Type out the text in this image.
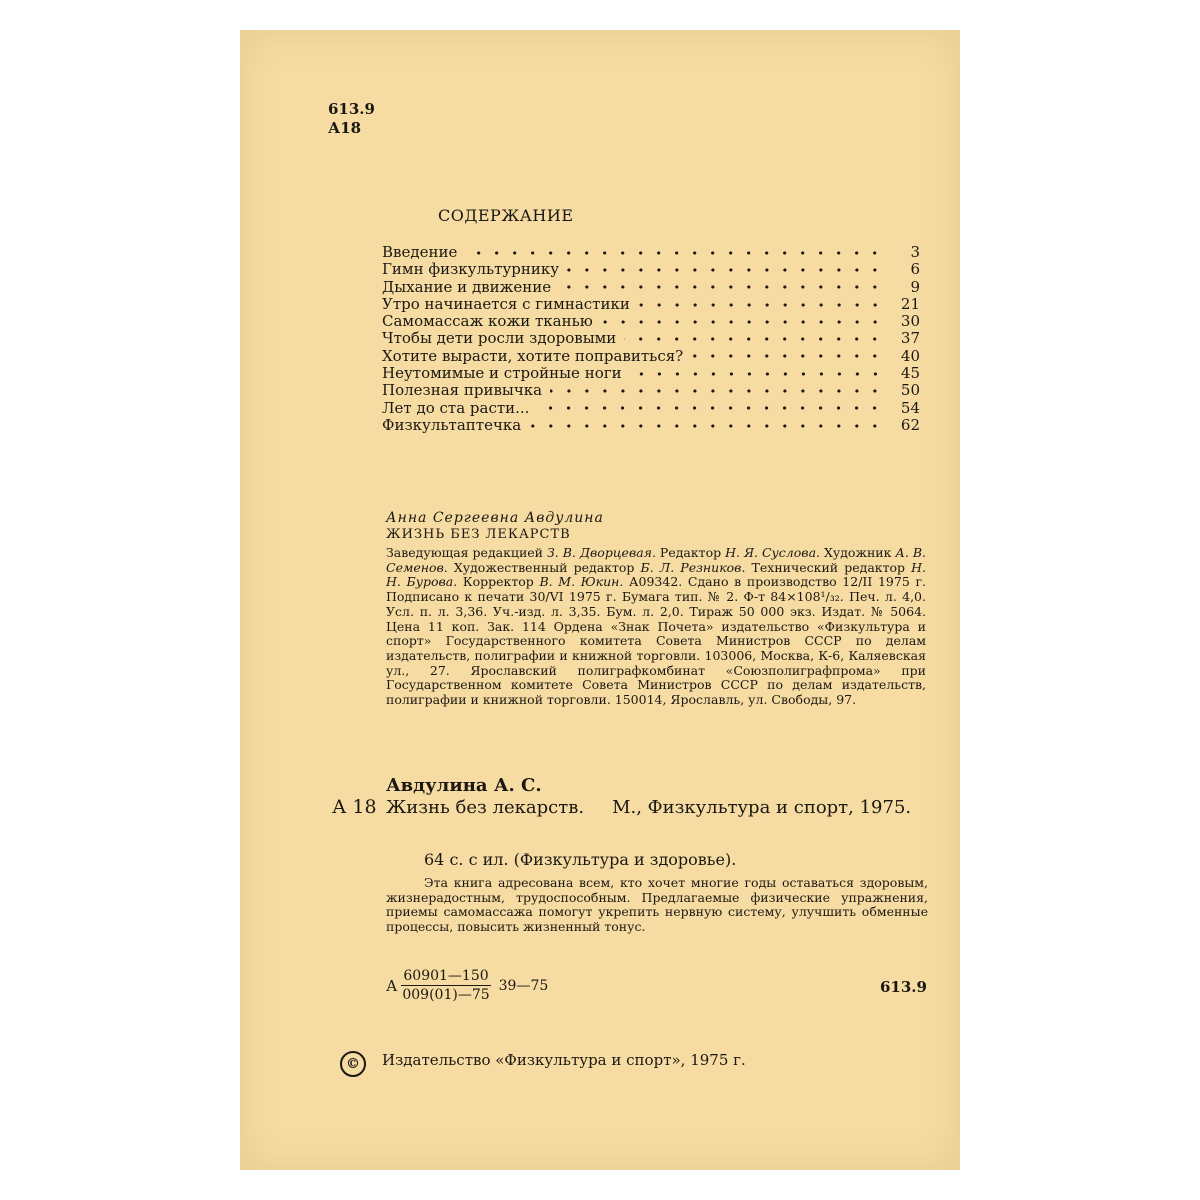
613.9
А18
СОДЕРЖАНИЕ
Введение	3
Гимн физкультурнику	6
Дыхание и движение	9
Утро начинается с гимнастики	21
Самомассаж кожи тканью	30
Чтобы дети росли здоровыми	37
Хотите вырасти, хотите поправиться?	40
Неутомимые и стройные ноги	45
Полезная привычка	50
Лет до ста расти...	54
Физкультаптечка	62
Анна Сергеевна Авдулина
ЖИЗНЬ БЕЗ ЛЕКАРСТВ

Заведующая редакцией З. В. Дворцевая. Редактор Н. Я. Суслова. Художник А. В. Семенов. Художественный редактор Б. Л. Резников. Технический редактор Н. Н. Бурова. Корректор В. М. Юкин. А09342. Сдано в производство 12/II 1975 г. Подписано к печати 30/VI 1975 г. Бумага тип. № 2. Ф-т 84×108¹/₃₂. Печ. л. 4,0. Усл. п. л. 3,36. Уч.-изд. л. 3,35. Бум. л. 2,0. Тираж 50 000 экз. Издат. № 5064. Цена 11 коп. Зак. 114 Ордена «Знак Почета» издательство «Физкультура и спорт» Государственного комитета Совета Министров СССР по делам издательств, полиграфии и книжной торговли. 103006, Москва, К-6, Каляевская ул., 27. Ярославский полиграфкомбинат «Союзполиграфпрома» при Государственном комитете Совета Министров СССР по делам издательств, полиграфии и книжной торговли. 150014, Ярославль, ул. Свободы, 97.

Авдулина А. С.
А 18 Жизнь без лекарств. М., Физкультура и спорт, 1975.
64 с. с ил. (Физкультура и здоровье).
Эта книга адресована всем, кто хочет многие годы оставаться здоровым, жизнерадостным, трудоспособным. Предлагаемые физические упражнения, приемы самомассажа помогут укрепить нервную систему, улучшить обменные процессы, повысить жизненный тонус.
А $\frac{60901—150}{009(01)—75}$ 39—75	613.9
©	Издательство «Физкультура и спорт», 1975 г.
